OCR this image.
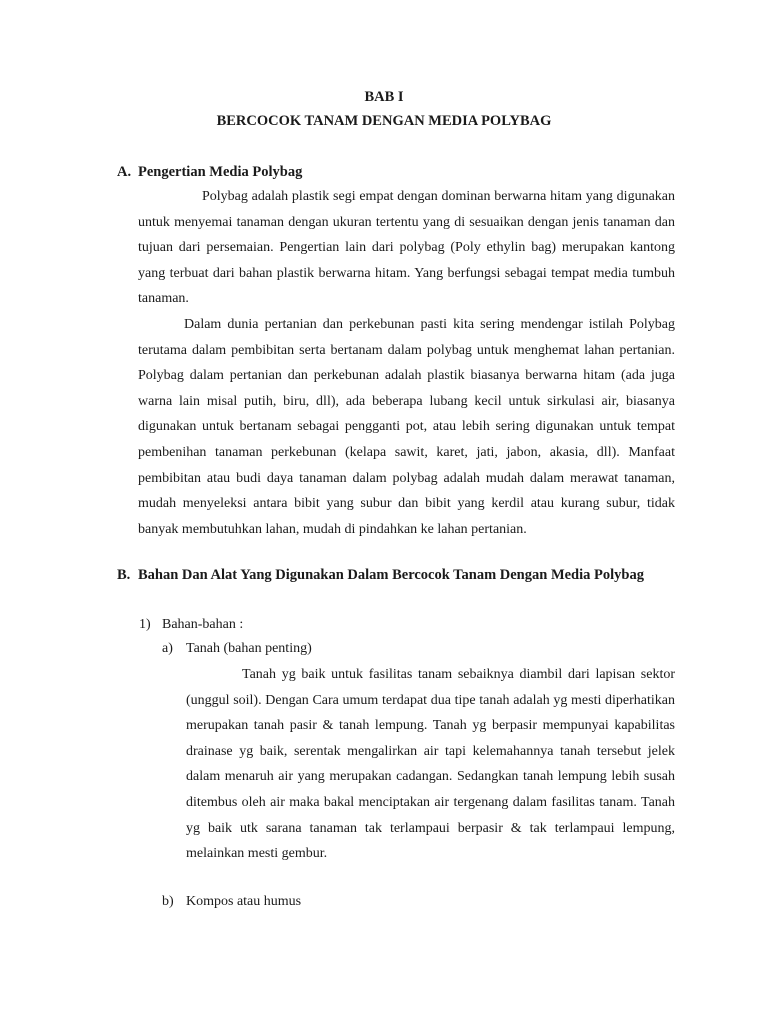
BAB I
BERCOCOK TANAM DENGAN MEDIA POLYBAG
A. Pengertian Media Polybag

Polybag adalah plastik segi empat dengan dominan berwarna hitam yang digunakan untuk menyemai tanaman dengan ukuran tertentu yang di sesuaikan dengan jenis tanaman dan tujuan dari persemaian. Pengertian lain dari polybag (Poly ethylin bag) merupakan kantong yang terbuat dari bahan plastik berwarna hitam. Yang berfungsi sebagai tempat media tumbuh tanaman.

Dalam dunia pertanian dan perkebunan pasti kita sering mendengar istilah Polybag terutama dalam pembibitan serta bertanam dalam polybag untuk menghemat lahan pertanian. Polybag dalam pertanian dan perkebunan adalah plastik biasanya berwarna hitam (ada juga warna lain misal putih, biru, dll), ada beberapa lubang kecil untuk sirkulasi air, biasanya digunakan untuk bertanam sebagai pengganti pot, atau lebih sering digunakan untuk tempat pembenihan tanaman perkebunan (kelapa sawit, karet, jati, jabon, akasia, dll). Manfaat pembibitan atau budi daya tanaman dalam polybag adalah mudah dalam merawat tanaman, mudah menyeleksi antara bibit yang subur dan bibit yang kerdil atau kurang subur, tidak banyak membutuhkan lahan, mudah di pindahkan ke lahan pertanian.

B. Bahan Dan Alat Yang Digunakan Dalam Bercocok Tanam Dengan Media Polybag
1) Bahan-bahan :
a) Tanah (bahan penting)

Tanah yg baik untuk fasilitas tanam sebaiknya diambil dari lapisan sektor (unggul soil). Dengan Cara umum terdapat dua tipe tanah adalah yg mesti diperhatikan merupakan tanah pasir & tanah lempung. Tanah yg berpasir mempunyai kapabilitas drainase yg baik, serentak mengalirkan air tapi kelemahannya tanah tersebut jelek dalam menaruh air yang merupakan cadangan. Sedangkan tanah lempung lebih susah ditembus oleh air maka bakal menciptakan air tergenang dalam fasilitas tanam. Tanah yg baik utk sarana tanaman tak terlampaui berpasir & tak terlampaui lempung, melainkan mesti gembur.

b) Kompos atau humus
